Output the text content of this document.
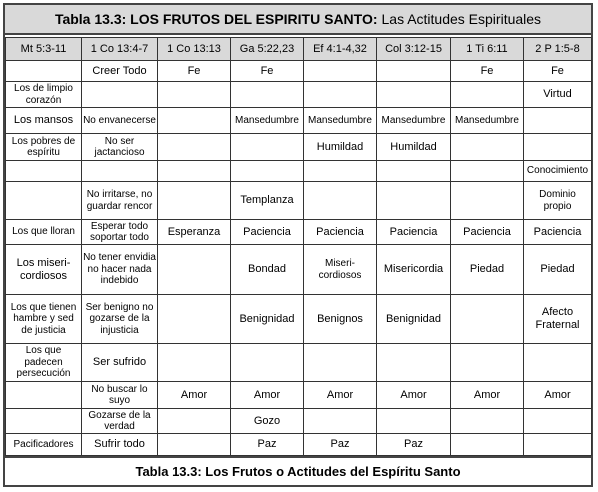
Tabla 13.3: LOS FRUTOS DEL ESPIRITU SANTO: Las Actitudes Espirituales
Mt 5:3-11	1 Co 13:4-7	1 Co 13:13	Ga 5:22,23	Ef 4:1-4,32	Col 3:12-15	1 Ti 6:11	2 P 1:5-8
	Creer Todo	Fe	Fe			Fe	Fe
Los de limpio corazón							Virtud
Los mansos	No envanecerse		Mansedumbre	Mansedumbre	Mansedumbre	Mansedumbre	
Los pobres de espíritu	No ser jactancioso			Humildad	Humildad		
							Conocimiento
	No irritarse, no guardar rencor		Templanza				Dominio propio
Los que lloran	Esperar todo soportar todo	Esperanza	Paciencia	Paciencia	Paciencia	Paciencia	Paciencia
Los miseri-cordiosos	No tener envidia no hacer nada indebido		Bondad	Miseri-cordiosos	Misericordia	Piedad	Piedad
Los que tienen hambre y sed de justicia	Ser benigno no gozarse de la injusticia		Benignidad	Benignos	Benignidad		Afecto Fraternal
Los que padecen persecución	Ser sufrido						
	No buscar lo suyo	Amor	Amor	Amor	Amor	Amor	Amor
	Gozarse de la verdad		Gozo				
Pacificadores	Sufrir todo		Paz	Paz	Paz		
Tabla 13.3: Los Frutos o Actitudes del Espíritu Santo
